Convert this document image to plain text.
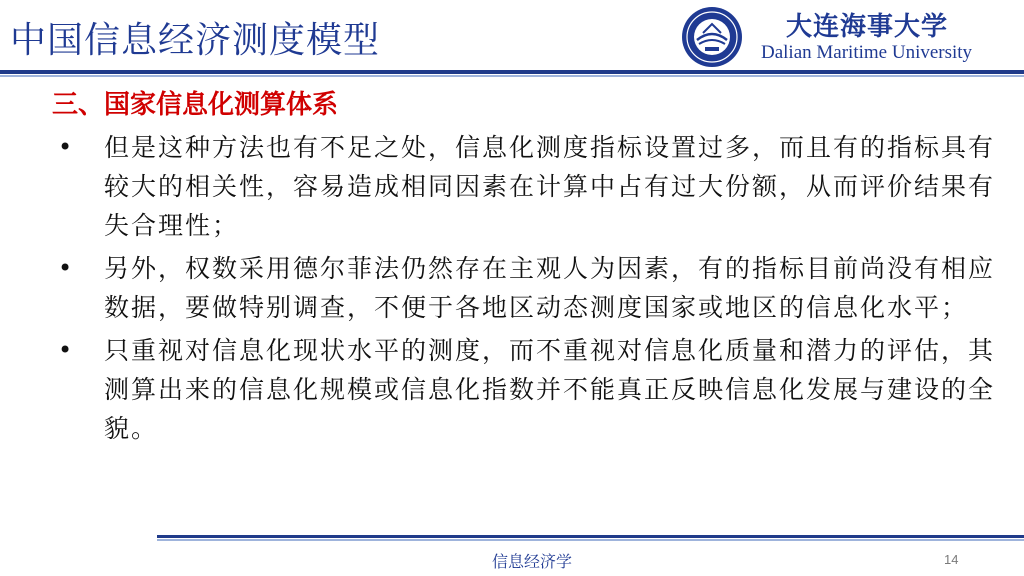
中国信息经济测度模型	大连海事大学
Dalian Maritime University
三、国家信息化测算体系
• 但是这种方法也有不足之处，信息化测度指标设置过多，而且有的指标具有较大的相关性，容易造成相同因素在计算中占有过大份额，从而评价结果有失合理性；
• 另外，权数采用德尔菲法仍然存在主观人为因素，有的指标目前尚没有相应数据，要做特别调查，不便于各地区动态测度国家或地区的信息化水平；
• 只重视对信息化现状水平的测度，而不重视对信息化质量和潜力的评估，其测算出来的信息化规模或信息化指数并不能真正反映信息化发展与建设的全貌。
信息经济学	14
